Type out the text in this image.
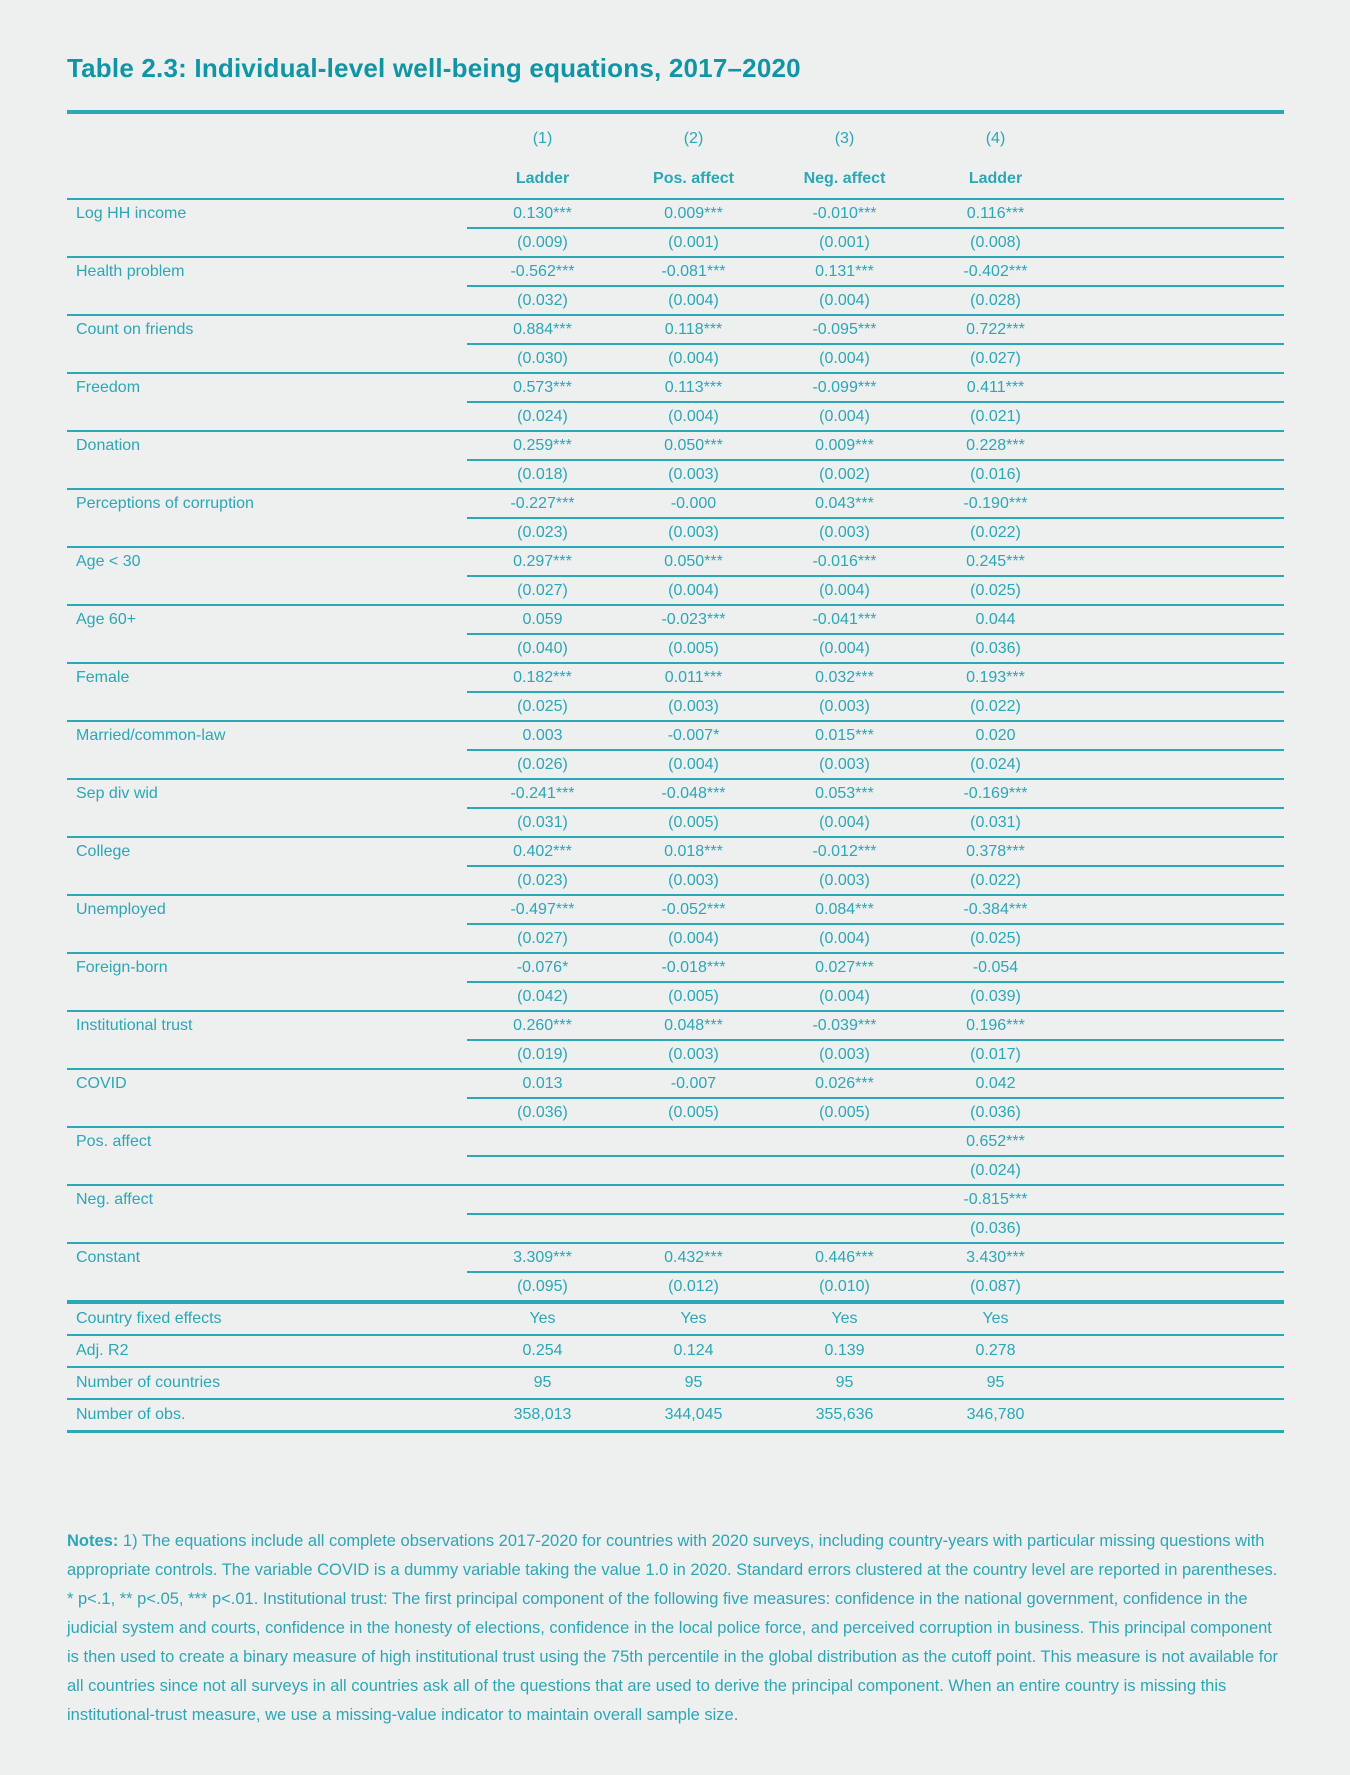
Table 2.3: Individual-level well-being equations, 2017–2020
	(1)	(2)	(3)	(4)	
	Ladder	Pos. affect	Neg. affect	Ladder	
Log HH income	0.130***	0.009***	-0.010***	0.116***	
	(0.009)	(0.001)	(0.001)	(0.008)	
Health problem	-0.562***	-0.081***	0.131***	-0.402***	
	(0.032)	(0.004)	(0.004)	(0.028)	
Count on friends	0.884***	0.118***	-0.095***	0.722***	
	(0.030)	(0.004)	(0.004)	(0.027)	
Freedom	0.573***	0.113***	-0.099***	0.411***	
	(0.024)	(0.004)	(0.004)	(0.021)	
Donation	0.259***	0.050***	0.009***	0.228***	
	(0.018)	(0.003)	(0.002)	(0.016)	
Perceptions of corruption	-0.227***	-0.000	0.043***	-0.190***	
	(0.023)	(0.003)	(0.003)	(0.022)	
Age < 30	0.297***	0.050***	-0.016***	0.245***	
	(0.027)	(0.004)	(0.004)	(0.025)	
Age 60+	0.059	-0.023***	-0.041***	0.044	
	(0.040)	(0.005)	(0.004)	(0.036)	
Female	0.182***	0.011***	0.032***	0.193***	
	(0.025)	(0.003)	(0.003)	(0.022)	
Married/common-law	0.003	-0.007*	0.015***	0.020	
	(0.026)	(0.004)	(0.003)	(0.024)	
Sep div wid	-0.241***	-0.048***	0.053***	-0.169***	
	(0.031)	(0.005)	(0.004)	(0.031)	
College	0.402***	0.018***	-0.012***	0.378***	
	(0.023)	(0.003)	(0.003)	(0.022)	
Unemployed	-0.497***	-0.052***	0.084***	-0.384***	
	(0.027)	(0.004)	(0.004)	(0.025)	
Foreign-born	-0.076*	-0.018***	0.027***	-0.054	
	(0.042)	(0.005)	(0.004)	(0.039)	
Institutional trust	0.260***	0.048***	-0.039***	0.196***	
	(0.019)	(0.003)	(0.003)	(0.017)	
COVID	0.013	-0.007	0.026***	0.042	
	(0.036)	(0.005)	(0.005)	(0.036)	
Pos. affect				0.652***	
				(0.024)	
Neg. affect				-0.815***	
				(0.036)	
Constant	3.309***	0.432***	0.446***	3.430***	
	(0.095)	(0.012)	(0.010)	(0.087)	
Country fixed effects	Yes	Yes	Yes	Yes	
Adj. R2	0.254	0.124	0.139	0.278	
Number of countries	95	95	95	95	
Number of obs.	358,013	344,045	355,636	346,780	

Notes: 1) The equations include all complete observations 2017-2020 for countries with 2020 surveys, including country-years with particular missing questions with appropriate controls. The variable COVID is a dummy variable taking the value 1.0 in 2020. Standard errors clustered at the country level are reported in parentheses. * p<.1, ** p<.05, *** p<.01. Institutional trust: The first principal component of the following five measures: confidence in the national government, confidence in the judicial system and courts, confidence in the honesty of elections, confidence in the local police force, and perceived corruption in business. This principal component is then used to create a binary measure of high institutional trust using the 75th percentile in the global distribution as the cutoff point. This measure is not available for all countries since not all surveys in all countries ask all of the questions that are used to derive the principal component. When an entire country is missing this institutional-trust measure, we use a missing-value indicator to maintain overall sample size.
